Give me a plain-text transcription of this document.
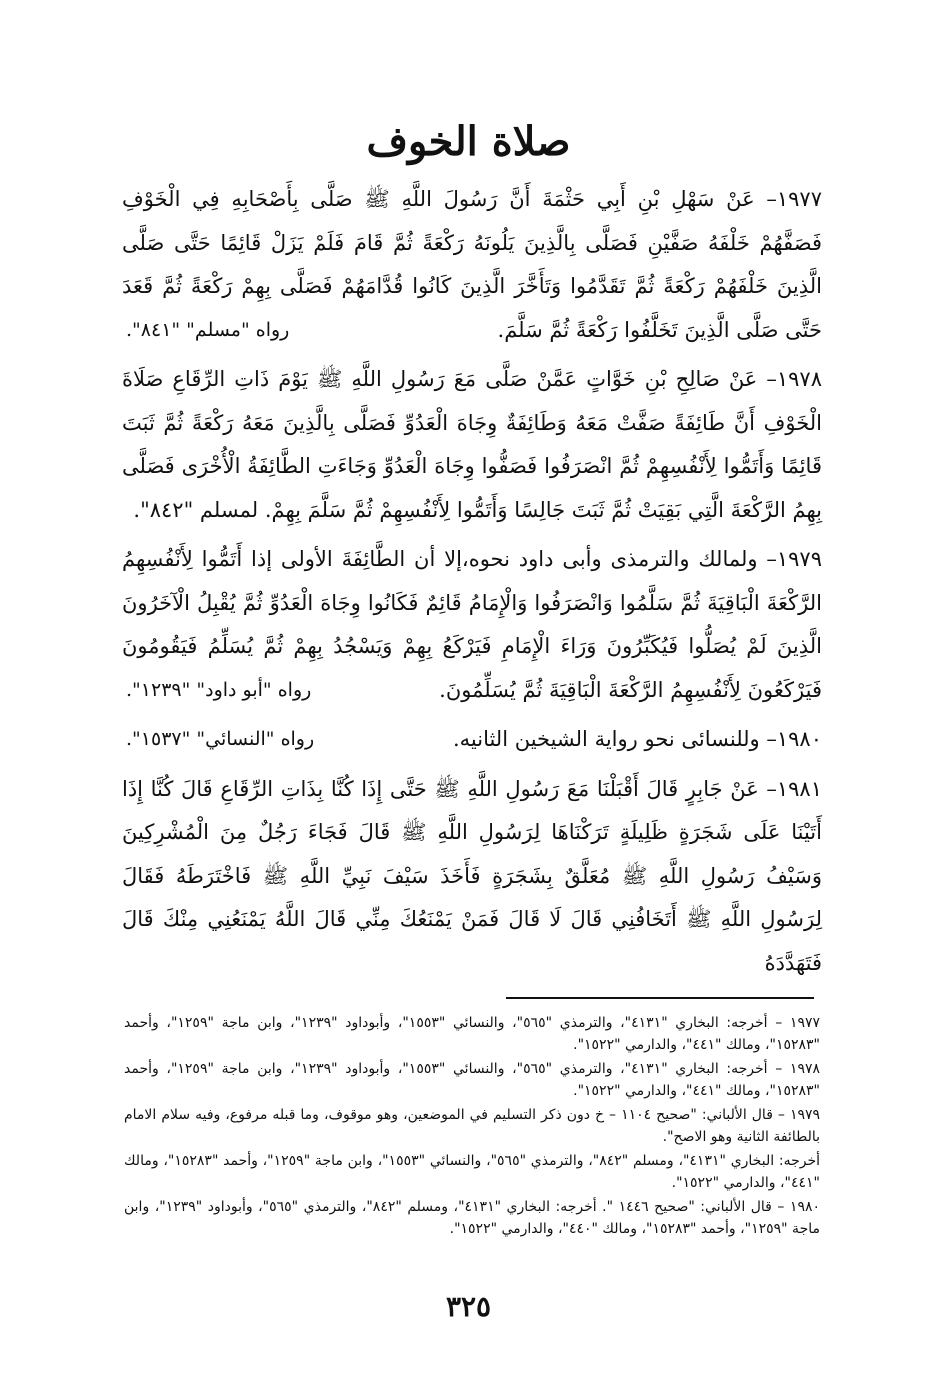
صلاة الخوف

١٩٧٧– عَنْ سَهْلِ بْنِ أَبِي حَثْمَةَ أَنَّ رَسُولَ اللَّهِ ﷺ صَلَّى بِأَصْحَابِهِ فِي الْخَوْفِ فَصَفَّهُمْ خَلْفَهُ صَفَّيْنِ فَصَلَّى بِالَّذِينَ يَلُونَهُ رَكْعَةً ثُمَّ قَامَ فَلَمْ يَزَلْ قَائِمًا حَتَّى صَلَّى الَّذِينَ خَلْفَهُمْ رَكْعَةً ثُمَّ تَقَدَّمُوا وَتَأَخَّرَ الَّذِينَ كَانُوا قُدَّامَهُمْ فَصَلَّى بِهِمْ رَكْعَةً ثُمَّ قَعَدَ حَتَّى صَلَّى الَّذِينَ تَخَلَّفُوا رَكْعَةً ثُمَّ سَلَّمَ.
رواه "مسلم" "٨٤١".

١٩٧٨– عَنْ صَالِحِ بْنِ خَوَّاتٍ عَمَّنْ صَلَّى مَعَ رَسُولِ اللَّهِ ﷺ يَوْمَ ذَاتِ الرِّقَاعِ صَلَاةَ الْخَوْفِ أَنَّ طَائِفَةً صَفَّتْ مَعَهُ وَطَائِفَةٌ وِجَاهَ الْعَدُوِّ فَصَلَّى بِالَّذِينَ مَعَهُ رَكْعَةً ثُمَّ ثَبَتَ قَائِمًا وَأَتَمُّوا لِأَنْفُسِهِمْ ثُمَّ انْصَرَفُوا فَصَفُّوا وِجَاهَ الْعَدُوِّ وَجَاءَتِ الطَّائِفَةُ الْأُخْرَى فَصَلَّى بِهِمُ الرَّكْعَةَ الَّتِي بَقِيَتْ ثُمَّ ثَبَتَ جَالِسًا وَأَتَمُّوا لِأَنْفُسِهِمْ ثُمَّ سَلَّمَ بِهِمْ. لمسلم "٨٤٢".

١٩٧٩– ولمالك والترمذى وأبى داود نحوه،إلا أن الطَّائِفَةَ الأولى إذا أَتَمُّوا لِأَنْفُسِهِمُ الرَّكْعَةَ الْبَاقِيَةَ ثُمَّ سَلَّمُوا وَانْصَرَفُوا وَالْإِمَامُ قَائِمٌ فَكَانُوا وِجَاهَ الْعَدُوِّ ثُمَّ يُقْبِلُ الْآخَرُونَ الَّذِينَ لَمْ يُصَلُّوا فَيُكَبِّرُونَ وَرَاءَ الْإِمَامِ فَيَرْكَعُ بِهِمْ وَيَسْجُدُ بِهِمْ ثُمَّ يُسَلِّمُ فَيَقُومُونَ فَيَرْكَعُونَ لِأَنْفُسِهِمُ الرَّكْعَةَ الْبَاقِيَةَ ثُمَّ يُسَلِّمُونَ.
رواه "أبو داود" "١٢٣٩".

١٩٨٠– وللنسائى نحو رواية الشيخين الثانيه.
رواه "النسائي" "١٥٣٧".

١٩٨١– عَنْ جَابِرٍ قَالَ أَقْبَلْنَا مَعَ رَسُولِ اللَّهِ ﷺ حَتَّى إِذَا كُنَّا بِذَاتِ الرِّقَاعِ قَالَ كُنَّا إِذَا أَتَيْنَا عَلَى شَجَرَةٍ ظَلِيلَةٍ تَرَكْنَاهَا لِرَسُولِ اللَّهِ ﷺ قَالَ فَجَاءَ رَجُلٌ مِنَ الْمُشْرِكِينَ وَسَيْفُ رَسُولِ اللَّهِ ﷺ مُعَلَّقٌ بِشَجَرَةٍ فَأَخَذَ سَيْفَ نَبِيِّ اللَّهِ ﷺ فَاخْتَرَطَهُ فَقَالَ لِرَسُولِ اللَّهِ ﷺ أَتَخَافُنِي قَالَ لَا قَالَ فَمَنْ يَمْنَعُكَ مِنِّي قَالَ اللَّهُ يَمْنَعُنِي مِنْكَ قَالَ فَتَهَدَّدَهُ

١٩٧٧ – أخرجه: البخاري "٤١٣١"، والترمذي "٥٦٥"، والنسائي "١٥٥٣"، وأبوداود "١٢٣٩"، وابن ماجة "١٢٥٩"، وأحمد "١٥٢٨٣"، ومالك "٤٤١"، والدارمي "١٥٢٢".

١٩٧٨ – أخرجه: البخاري "٤١٣١"، والترمذي "٥٦٥"، والنسائي "١٥٥٣"، وأبوداود "١٢٣٩"، وابن ماجة "١٢٥٩"، وأحمد "١٥٢٨٣"، ومالك "٤٤١"، والدارمي "١٥٢٢".

١٩٧٩ – قال الألباني: "صحيح ١١٠٤ – خ دون ذكر التسليم في الموضعين، وهو موقوف، وما قبله مرفوع، وفيه سلام الامام بالطائفة الثانية وهو الاصح".

أخرجه: البخاري "٤١٣١"، ومسلم "٨٤٢"، والترمذي "٥٦٥"، والنسائي "١٥٥٣"، وابن ماجة "١٢٥٩"، وأحمد "١٥٢٨٣"، ومالك "٤٤١"، والدارمي "١٥٢٢".

١٩٨٠ – قال الألباني: "صحيح ١٤٤٦ ". أخرجه: البخاري "٤١٣١"، ومسلم "٨٤٢"، والترمذي "٥٦٥"، وأبوداود "١٢٣٩"، وابن ماجة "١٢٥٩"، وأحمد "١٥٢٨٣"، ومالك "٤٤٠"، والدارمي "١٥٢٢".

٣٢٥
